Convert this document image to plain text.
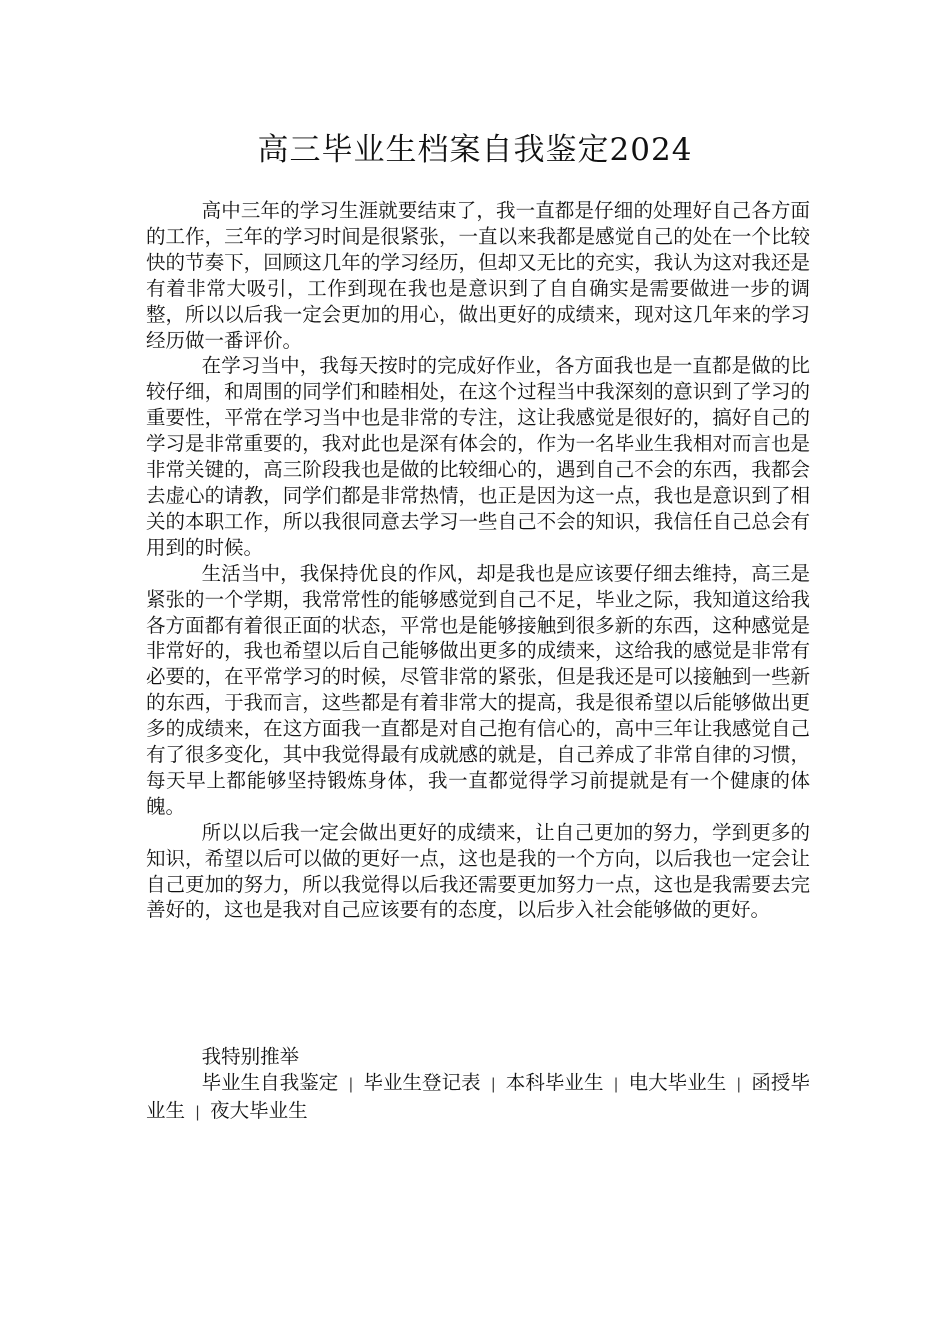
高三毕业生档案自我鉴定2024

高中三年的学习生涯就要结束了，我一直都是仔细的处理好自己各方面的工作，三年的学习时间是很紧张，一直以来我都是感觉自己的处在一个比较快的节奏下，回顾这几年的学习经历，但却又无比的充实，我认为这对我还是有着非常大吸引，工作到现在我也是意识到了自自确实是需要做进一步的调整，所以以后我一定会更加的用心，做出更好的成绩来，现对这几年来的学习经历做一番评价。

在学习当中，我每天按时的完成好作业，各方面我也是一直都是做的比较仔细，和周围的同学们和睦相处，在这个过程当中我深刻的意识到了学习的重要性，平常在学习当中也是非常的专注，这让我感觉是很好的，搞好自己的学习是非常重要的，我对此也是深有体会的，作为一名毕业生我相对而言也是非常关键的，高三阶段我也是做的比较细心的，遇到自己不会的东西，我都会去虚心的请教，同学们都是非常热情，也正是因为这一点，我也是意识到了相关的本职工作，所以我很同意去学习一些自己不会的知识，我信任自己总会有用到的时候。

生活当中，我保持优良的作风，却是我也是应该要仔细去维持，高三是紧张的一个学期，我常常性的能够感觉到自己不足，毕业之际，我知道这给我各方面都有着很正面的状态，平常也是能够接触到很多新的东西，这种感觉是非常好的，我也希望以后自己能够做出更多的成绩来，这给我的感觉是非常有必要的，在平常学习的时候，尽管非常的紧张，但是我还是可以接触到一些新的东西，于我而言，这些都是有着非常大的提高，我是很希望以后能够做出更多的成绩来，在这方面我一直都是对自己抱有信心的，高中三年让我感觉自己有了很多变化，其中我觉得最有成就感的就是，自己养成了非常自律的习惯，每天早上都能够坚持锻炼身体，我一直都觉得学习前提就是有一个健康的体魄。

所以以后我一定会做出更好的成绩来，让自己更加的努力，学到更多的知识，希望以后可以做的更好一点，这也是我的一个方向，以后我也一定会让自己更加的努力，所以我觉得以后我还需要更加努力一点，这也是我需要去完善好的，这也是我对自己应该要有的态度，以后步入社会能够做的更好。

我特别推举

毕业生自我鉴定 | 毕业生登记表 | 本科毕业生 | 电大毕业生 | 函授毕业生 | 夜大毕业生
